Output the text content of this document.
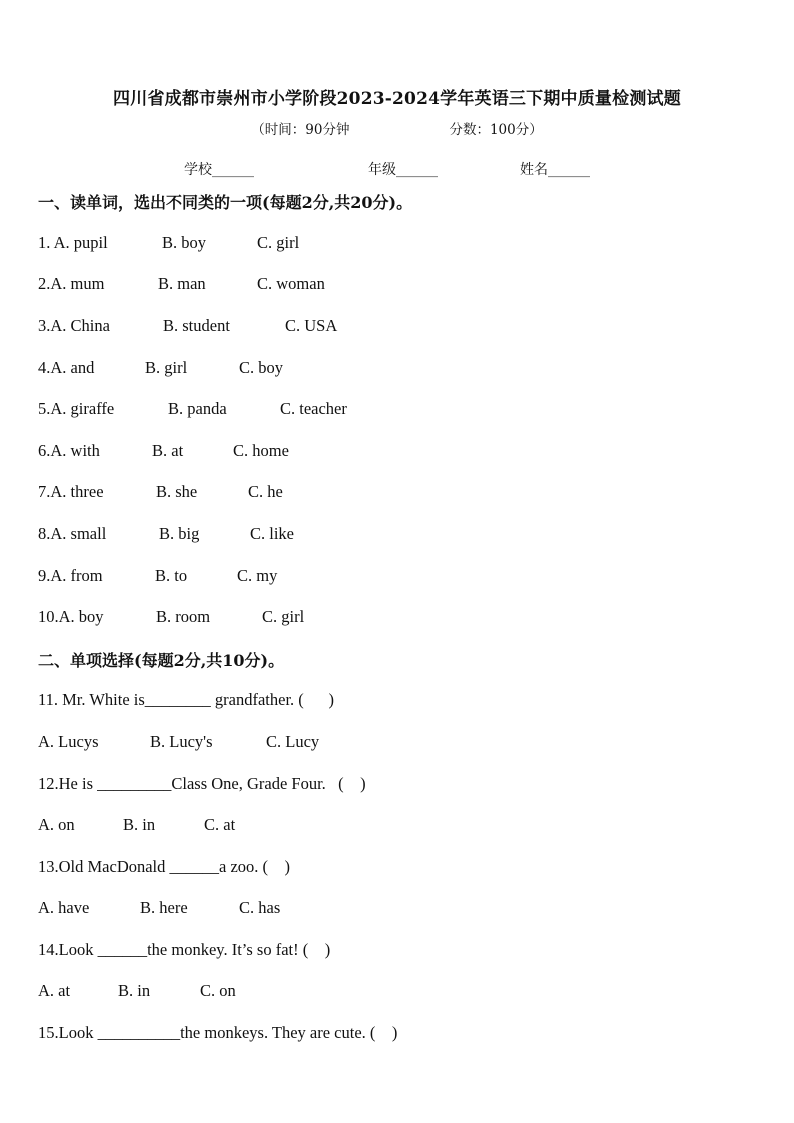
四川省成都市崇州市小学阶段2023-2024学年英语三下期中质量检测试题
（时间：90分钟	分数：100分）
学校______	年级______	姓名______
一、读单词，选出不同类的一项(每题2分,共20分)。

1. A. pupil

	B. boy

	C. girl

2.A. mum

	B. man

	C. woman

3.A. China

	B. student

	C. USA

4.A. and

	B. girl

	C. boy

5.A. giraffe

	B. panda

	C. teacher

6.A. with

	B. at

	C. home

7.A. three

	B. she

	C. he

8.A. small

	B. big

	C. like

9.A. from

	B. to

	C. my

10.A. boy

	B. room

	C. girl

二、单项选择(每题2分,共10分)。
11. Mr. White is________ grandfather. (      )

A. Lucys

	B. Lucy's

	C. Lucy

12.He is _________Class One, Grade Four.   (    )

A. on

	B. in

	C. at

13.Old MacDonald ______a zoo. (    )

A. have

	B. here

	C. has

14.Look ______the monkey. It’s so fat! (    )

A. at

	B. in

	C. on

15.Look __________the monkeys. They are cute. (    )
